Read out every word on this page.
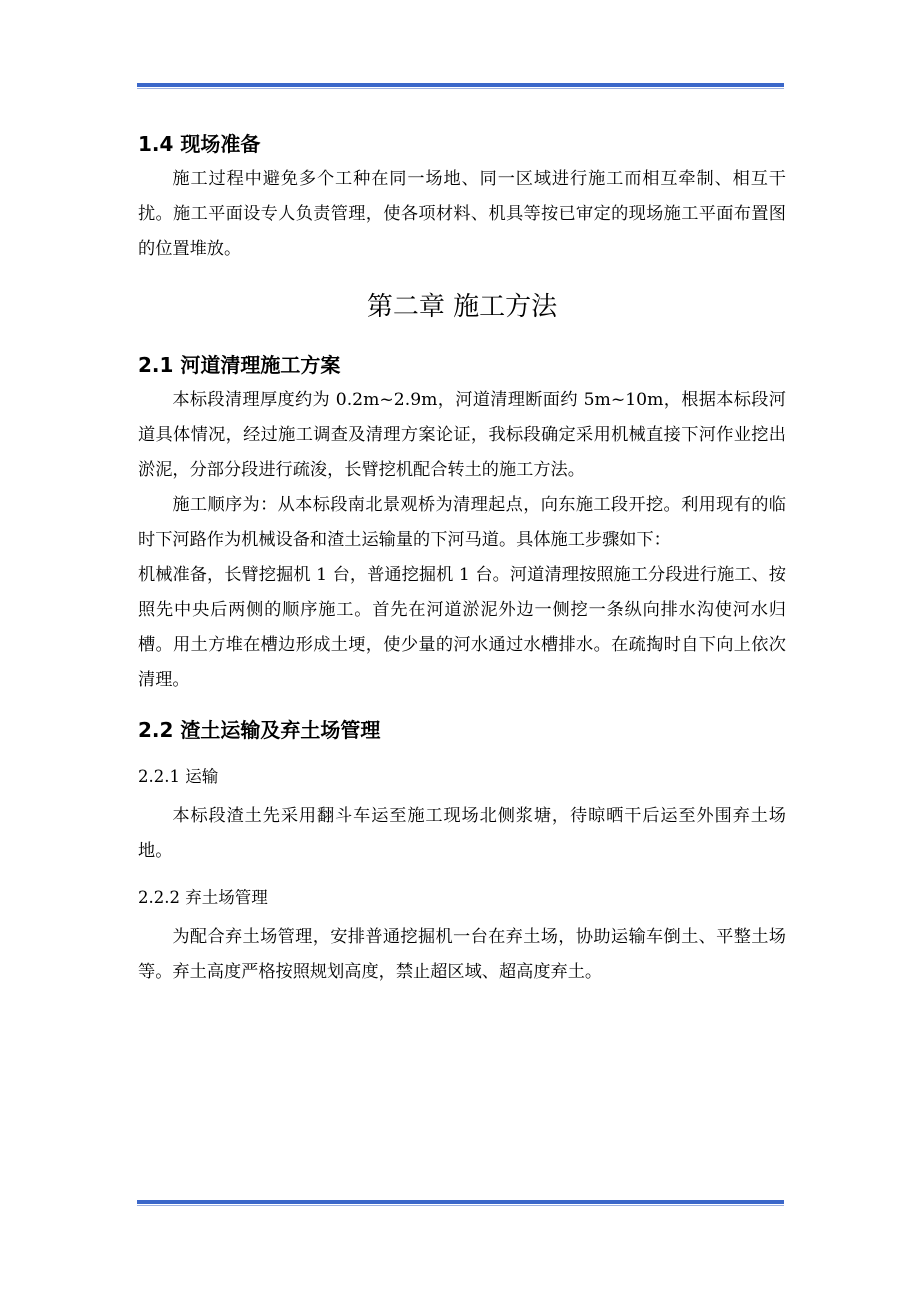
1.4 现场准备

施工过程中避免多个工种在同一场地、同一区域进行施工而相互牵制、相互干扰。施工平面设专人负责管理，使各项材料、机具等按已审定的现场施工平面布置图的位置堆放。

第二章 施工方法
2.1 河道清理施工方案

本标段清理厚度约为 0.2m~2.9m，河道清理断面约 5m~10m，根据本标段河道具体情况，经过施工调查及清理方案论证，我标段确定采用机械直接下河作业挖出淤泥，分部分段进行疏浚，长臂挖机配合转土的施工方法。

施工顺序为：从本标段南北景观桥为清理起点，向东施工段开挖。利用现有的临时下河路作为机械设备和渣土运输量的下河马道。具体施工步骤如下：

机械准备，长臂挖掘机 1 台，普通挖掘机 1 台。河道清理按照施工分段进行施工、按照先中央后两侧的顺序施工。首先在河道淤泥外边一侧挖一条纵向排水沟使河水归槽。用土方堆在槽边形成土埂，使少量的河水通过水槽排水。在疏掏时自下向上依次清理。

2.2 渣土运输及弃土场管理
2.2.1 运输

本标段渣土先采用翻斗车运至施工现场北侧浆塘，待晾晒干后运至外围弃土场地。

2.2.2 弃土场管理

为配合弃土场管理，安排普通挖掘机一台在弃土场，协助运输车倒土、平整土场等。弃土高度严格按照规划高度，禁止超区域、超高度弃土。
